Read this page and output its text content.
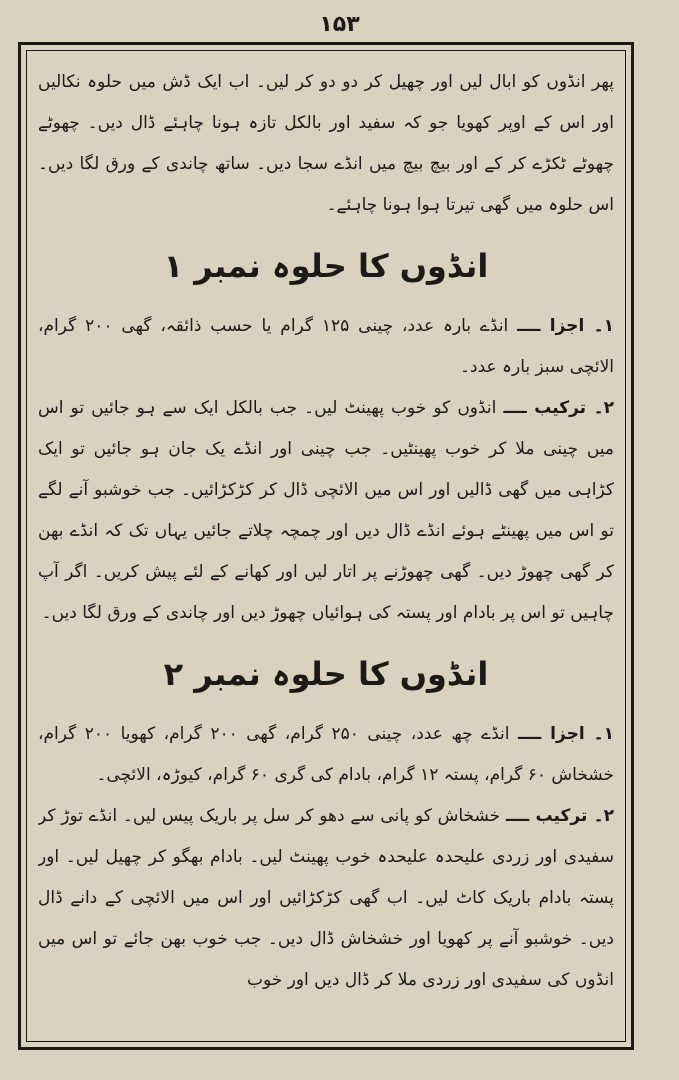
۱۵۳

پھر انڈوں کو ابال لیں اور چھیل کر دو دو کر لیں۔ اب ایک ڈش میں حلوہ نکالیں اور اس کے اوپر کھویا جو کہ سفید اور بالکل تازہ ہونا چاہئے ڈال دیں۔ چھوٹے چھوٹے ٹکڑے کر کے اور بیچ بیچ میں انڈے سجا دیں۔ ساتھ چاندی کے ورق لگا دیں۔ اس حلوہ میں گھی تیرتا ہوا ہونا چاہئے۔

انڈوں کا حلوہ نمبر ۱

۱۔ اجزا ــــ انڈے بارہ عدد، چینی ۱۲۵ گرام یا حسب ذائقہ، گھی ۲۰۰ گرام، الائچی سبز بارہ عدد۔

۲۔ ترکیب ــــ انڈوں کو خوب پھینٹ لیں۔ جب بالکل ایک سے ہو جائیں تو اس میں چینی ملا کر خوب پھینٹیں۔ جب چینی اور انڈے یک جان ہو جائیں تو ایک کڑاہی میں گھی ڈالیں اور اس میں الائچی ڈال کر کڑکڑائیں۔ جب خوشبو آنے لگے تو اس میں پھینٹے ہوئے انڈے ڈال دیں اور چمچہ چلاتے جائیں یہاں تک کہ انڈے بھن کر گھی چھوڑ دیں۔ گھی چھوڑنے پر اتار لیں اور کھانے کے لئے پیش کریں۔ اگر آپ چاہیں تو اس پر بادام اور پستہ کی ہوائیاں چھوڑ دیں اور چاندی کے ورق لگا دیں۔

انڈوں کا حلوہ نمبر ۲

۱۔ اجزا ــــ انڈے چھ عدد، چینی ۲۵۰ گرام، گھی ۲۰۰ گرام، کھویا ۲۰۰ گرام، خشخاش ۶۰ گرام، پستہ ۱۲ گرام، بادام کی گری ۶۰ گرام، کیوڑہ، الائچی۔

۲۔ ترکیب ــــ خشخاش کو پانی سے دھو کر سل پر باریک پیس لیں۔ انڈے توڑ کر سفیدی اور زردی علیحدہ علیحدہ خوب پھینٹ لیں۔ بادام بھگو کر چھیل لیں۔ اور پستہ بادام باریک کاٹ لیں۔ اب گھی کڑکڑائیں اور اس میں الائچی کے دانے ڈال دیں۔ خوشبو آنے پر کھویا اور خشخاش ڈال دیں۔ جب خوب بھن جائے تو اس میں انڈوں کی سفیدی اور زردی ملا کر ڈال دیں اور خوب
